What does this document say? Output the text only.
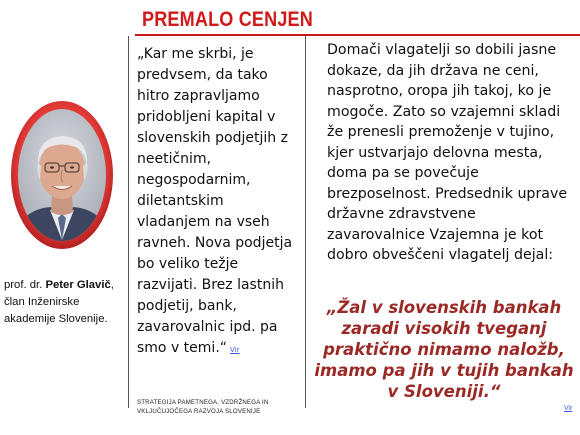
PREMALO CENJEN
prof. dr. Peter Glavič, član Inženirske akademije Slovenije.
„Kar me skrbi, je predvsem, da tako hitro zapravljamo pridobljeni kapital v slovenskih podjetjih z neetičnim, negospodarnim, diletantskim vladanjem na vseh ravneh. Nova podjetja bo veliko težje razvijati. Brez lastnih podjetij, bank, zavarovalnic ipd. pa smo v temi.“ Vir
STRATEGIJA PAMETNEGA, VZDRŽNEGA IN VKLJUČUJOČEGA RAZVOJA SLOVENIJE
Domači vlagatelji so dobili jasne dokaze, da jih država ne ceni, nasprotno, oropa jih takoj, ko je mogoče. Zato so vzajemni skladi že prenesli premoženje v tujino, kjer ustvarjajo delovna mesta, doma pa se povečuje brezposelnost. Predsednik uprave državne zdravstvene zavarovalnice Vzajemna je kot dobro obveščeni vlagatelj dejal:
„Žal v slovenskih bankah zaradi visokih tveganj praktično nimamo naložb, imamo pa jih v tujih bankah v Sloveniji.“
Vir
